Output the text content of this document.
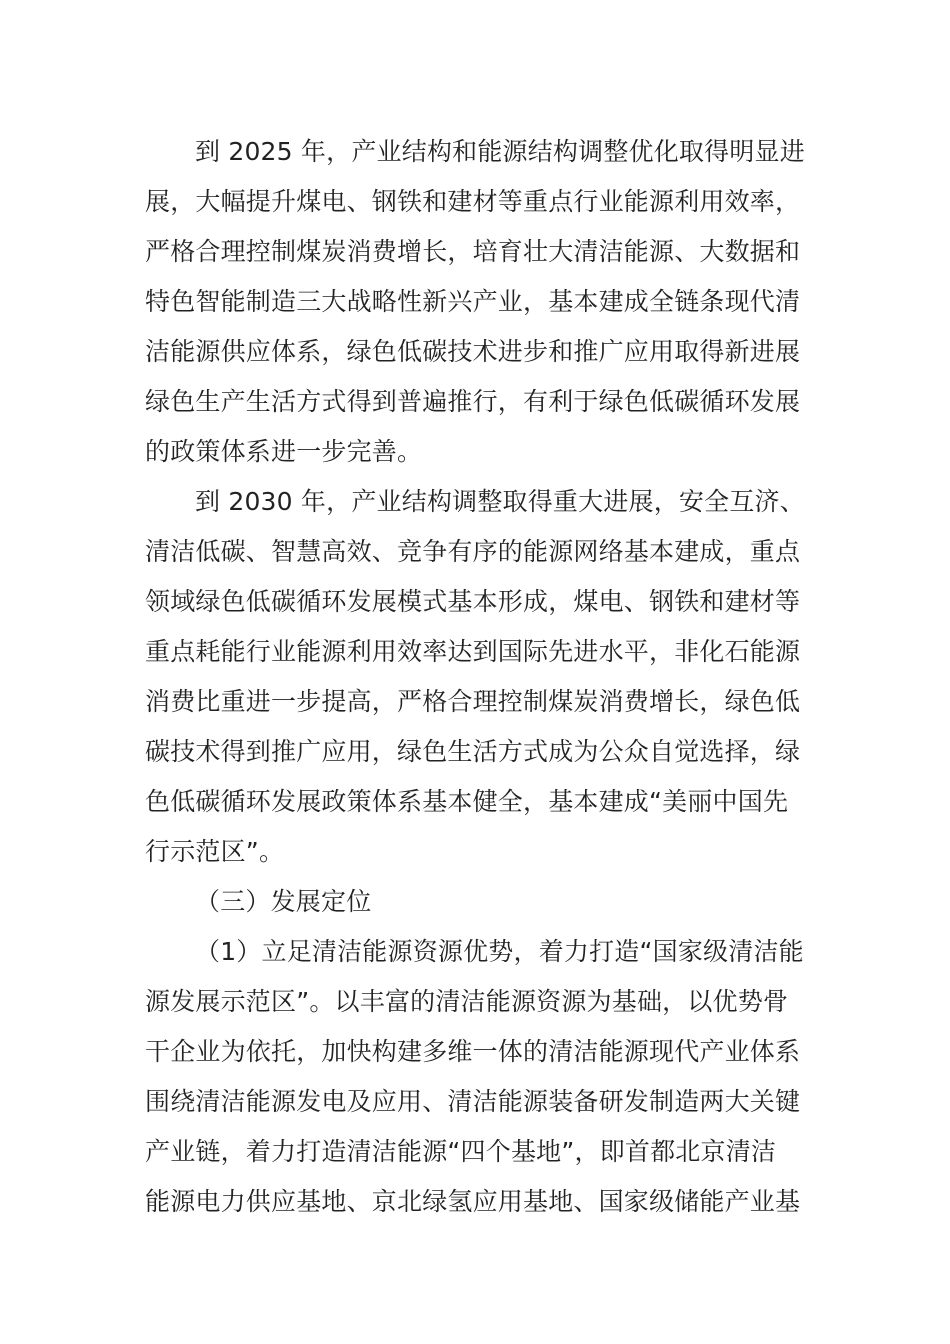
到 2025 年，产业结构和能源结构调整优化取得明显进
展，大幅提升煤电、钢铁和建材等重点行业能源利用效率，
严格合理控制煤炭消费增长，培育壮大清洁能源、大数据和
特色智能制造三大战略性新兴产业，基本建成全链条现代清
洁能源供应体系，绿色低碳技术进步和推广应用取得新进展
绿色生产生活方式得到普遍推行，有利于绿色低碳循环发展
的政策体系进一步完善。
到 2030 年，产业结构调整取得重大进展，安全互济、
清洁低碳、智慧高效、竞争有序的能源网络基本建成，重点
领域绿色低碳循环发展模式基本形成，煤电、钢铁和建材等
重点耗能行业能源利用效率达到国际先进水平，非化石能源
消费比重进一步提高，严格合理控制煤炭消费增长，绿色低
碳技术得到推广应用，绿色生活方式成为公众自觉选择，绿
色低碳循环发展政策体系基本健全，基本建成“美丽中国先
行示范区”。
（三）发展定位
（1）立足清洁能源资源优势，着力打造“国家级清洁能
源发展示范区”。以丰富的清洁能源资源为基础，以优势骨
干企业为依托，加快构建多维一体的清洁能源现代产业体系
围绕清洁能源发电及应用、清洁能源装备研发制造两大关键
产业链，着力打造清洁能源“四个基地”，即首都北京清洁
能源电力供应基地、京北绿氢应用基地、国家级储能产业基
